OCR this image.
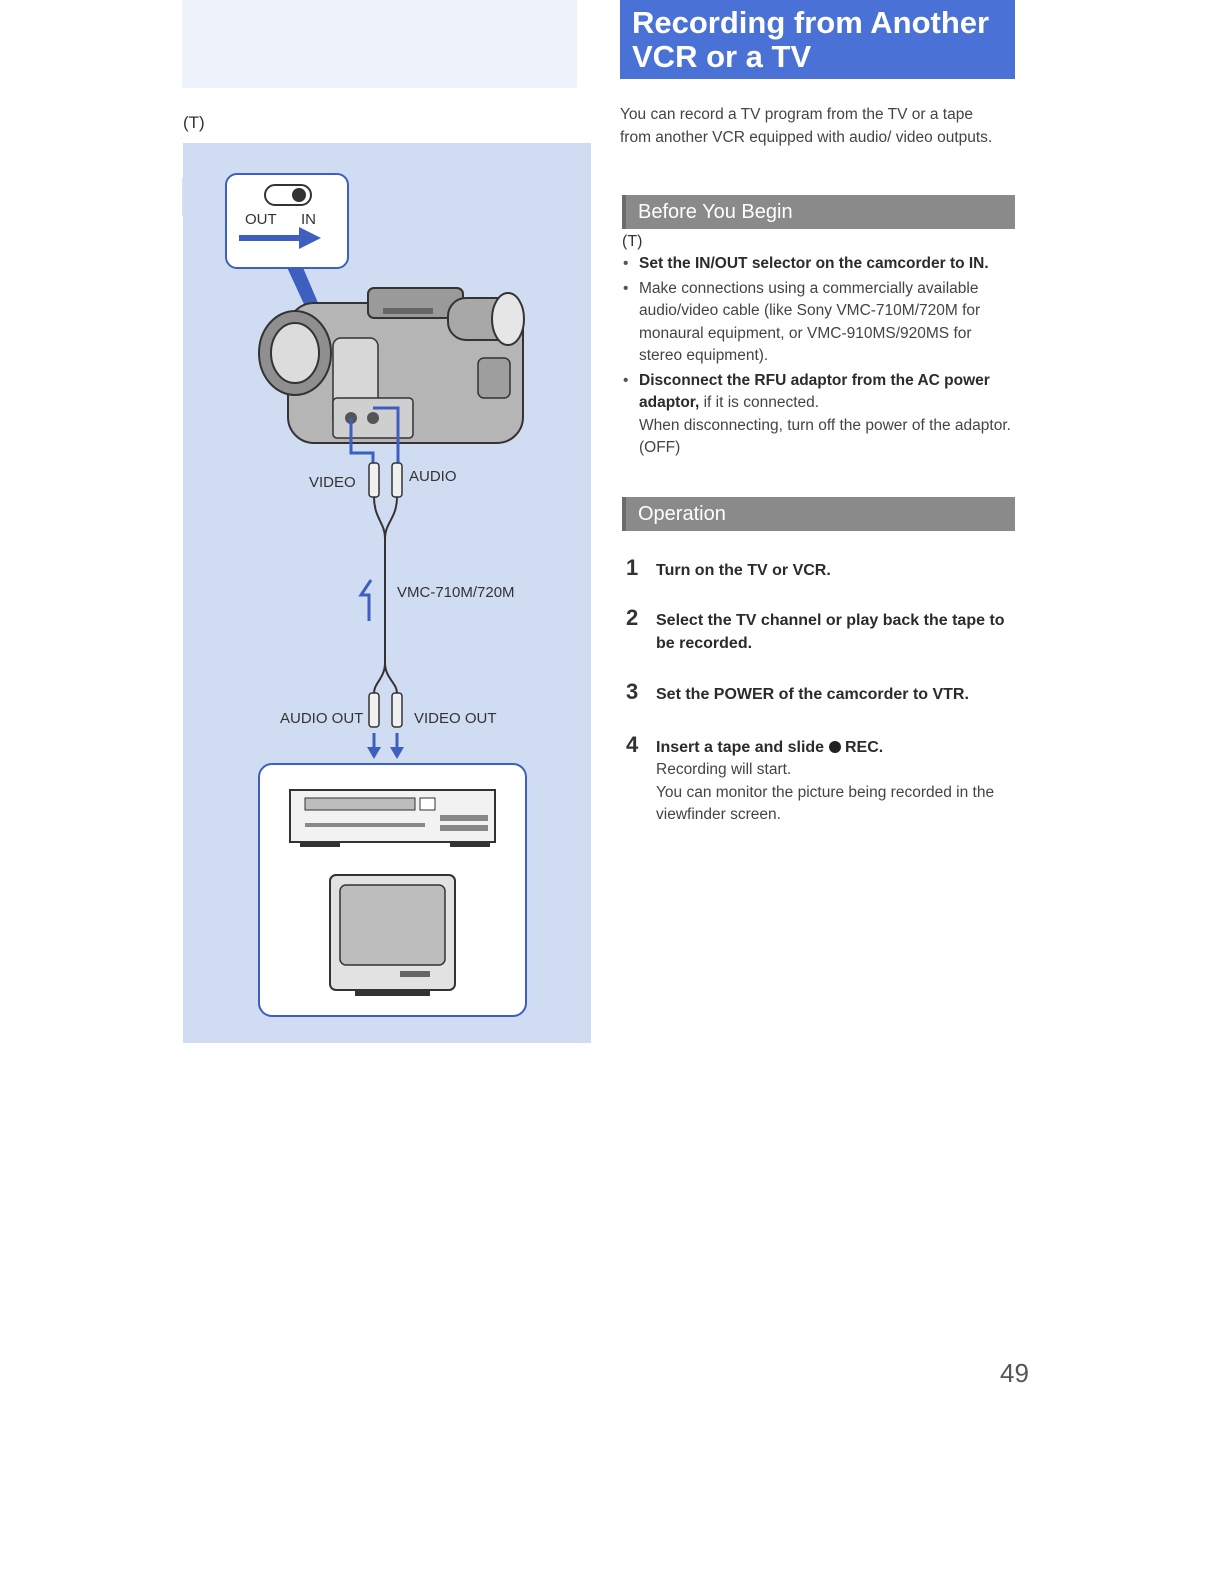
(T)
OUT IN
VIDEO	AUDIO
VMC-710M/720M
AUDIO OUT	VIDEO OUT
Recording from Another
VCR or a TV
You can record a TV program from the TV or a tape from another VCR equipped with audio/ video outputs.
Before You Begin
(T)
• Set the IN/OUT selector on the camcorder to IN.
• Make connections using a commercially available audio/video cable (like Sony VMC-710M/720M for monaural equipment, or VMC-910MS/920MS for stereo equipment).
• Disconnect the RFU adaptor from the AC power adaptor, if it is connected.
When disconnecting, turn off the power of the adaptor. (OFF)
Operation
1 Turn on the TV or VCR.
2 Select the TV channel or play back the tape to be recorded.
3 Set the POWER of the camcorder to VTR.
4 Insert a tape and slide REC.
Recording will start.
You can monitor the picture being recorded in the viewfinder screen.
49
